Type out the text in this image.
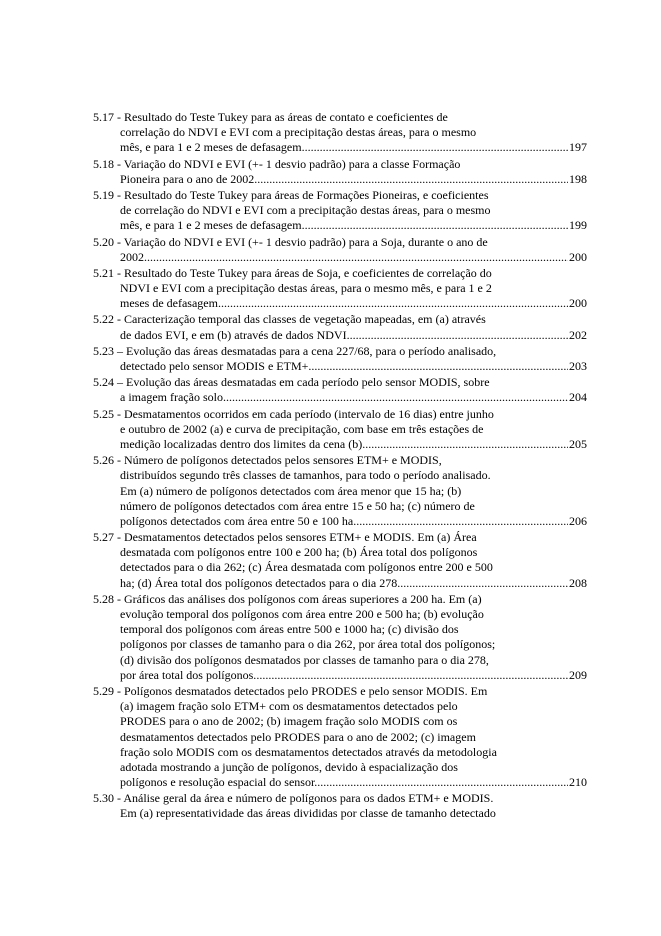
5.17 - Resultado do Teste Tukey para as áreas de contato e coeficientes de
correlação do NDVI e EVI com a precipitação destas áreas, para o mesmo
mês, e para 1 e 2 meses de defasagem. .....	197
5.18 - Variação do NDVI e EVI (+- 1 desvio padrão) para a classe Formação
Pioneira para o ano de 2002. .....	198
5.19 - Resultado do Teste Tukey para áreas de Formações Pioneiras, e coeficientes
de correlação do NDVI e EVI com a precipitação destas áreas, para o mesmo
mês, e para 1 e 2 meses de defasagem. .....	199
5.20 - Variação do NDVI e EVI (+- 1 desvio padrão) para a Soja, durante o ano de
2002. .....	200
5.21 - Resultado do Teste Tukey para áreas de Soja, e coeficientes de correlação do
NDVI e EVI com a precipitação destas áreas, para o mesmo mês, e para 1 e 2
meses de defasagem. .....	200
5.22 - Caracterização temporal das classes de vegetação mapeadas, em (a) através
de dados EVI, e em (b) através de dados NDVI. .....	202
5.23 – Evolução das áreas desmatadas para a cena 227/68, para o período analisado,
detectado pelo sensor MODIS e ETM+. .....	203
5.24 – Evolução das áreas desmatadas em cada período pelo sensor MODIS, sobre
a imagem fração solo. .....	204
5.25 - Desmatamentos ocorridos em cada período (intervalo de 16 dias) entre junho
e outubro de 2002 (a) e curva de precipitação, com base em três estações de
medição localizadas dentro dos limites da cena (b). .....	205
5.26 - Número de polígonos detectados pelos sensores ETM+ e MODIS,
distribuídos segundo três classes de tamanhos, para todo o período analisado.
Em (a) número de polígonos detectados com área menor que 15 ha; (b)
número de polígonos detectados com área entre 15 e 50 ha; (c) número de
polígonos detectados com área entre 50 e 100 ha. .....	206
5.27 - Desmatamentos detectados pelos sensores ETM+ e MODIS. Em (a) Área
desmatada com polígonos entre 100 e 200 ha; (b) Área total dos polígonos
detectados para o dia 262; (c) Área desmatada com polígonos entre 200 e 500
ha; (d) Área total dos polígonos detectados para o dia 278. .....	208
5.28 - Gráficos das análises dos polígonos com áreas superiores a 200 ha. Em (a)
evolução temporal dos polígonos com área entre 200 e 500 ha; (b) evolução
temporal dos polígonos com áreas entre 500 e 1000 ha; (c) divisão dos
polígonos por classes de tamanho para o dia 262, por área total dos polígonos;
(d) divisão dos polígonos desmatados por classes de tamanho para o dia 278,
por área total dos polígonos. .....	209
5.29 - Polígonos desmatados detectados pelo PRODES e pelo sensor MODIS. Em
(a) imagem fração solo ETM+ com os desmatamentos detectados pelo
PRODES para o ano de 2002; (b) imagem fração solo MODIS com os
desmatamentos detectados pelo PRODES para o ano de 2002; (c) imagem
fração solo MODIS com os desmatamentos detectados através da metodologia
adotada mostrando a junção de polígonos, devido à espacialização dos
polígonos e resolução espacial do sensor. .....	210
5.30 - Análise geral da área e número de polígonos para os dados ETM+ e MODIS.
Em (a) representatividade das áreas divididas por classe de tamanho detectado
